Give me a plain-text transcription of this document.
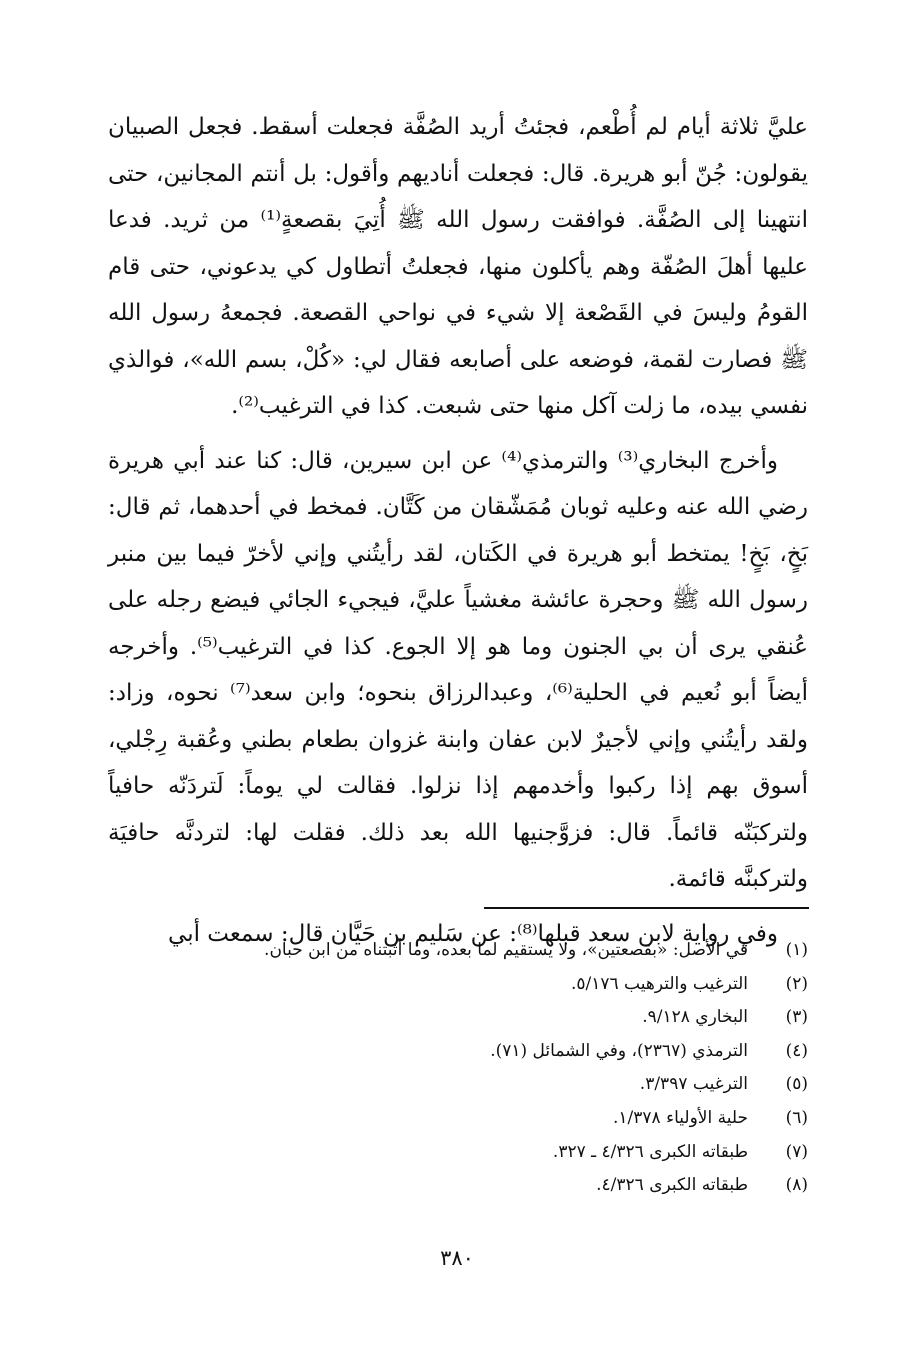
عليَّ ثلاثة أيام لم أُطْعم، فجئتُ أريد الصُفَّة فجعلت أسقط. فجعل الصبيان يقولون: جُنّ أبو هريرة. قال: فجعلت أناديهم وأقول: بل أنتم المجانين، حتى انتهينا إلى الصُفَّة. فوافقت رسول الله ﷺ أُتِيَ بقصعةٍ⁽¹⁾ من ثريد. فدعا عليها أهلَ الصُفّة وهم يأكلون منها، فجعلتُ أتطاول كي يدعوني، حتى قام القومُ وليسَ في القَصْعة إلا شيء في نواحي القصعة. فجمعهُ رسول الله ﷺ فصارت لقمة، فوضعه على أصابعه فقال لي: «كُلْ، بسم الله»، فوالذي نفسي بيده، ما زلت آكل منها حتى شبعت. كذا في الترغيب⁽²⁾.

وأخرج البخاري⁽³⁾ والترمذي⁽⁴⁾ عن ابن سيرين، قال: كنا عند أبي هريرة رضي الله عنه وعليه ثوبان مُمَشّقان من كَتَّان. فمخط في أحدهما، ثم قال: بَخٍ، بَخٍ! يمتخط أبو هريرة في الكَتان، لقد رأيتُني وإني لأخرّ فيما بين منبر رسول الله ﷺ وحجرة عائشة مغشياً عليَّ، فيجيء الجائي فيضع رجله على عُنقي يرى أن بي الجنون وما هو إلا الجوع. كذا في الترغيب⁽⁵⁾. وأخرجه أيضاً أبو نُعيم في الحلية⁽⁶⁾، وعبدالرزاق بنحوه؛ وابن سعد⁽⁷⁾ نحوه، وزاد: ولقد رأيتُني وإني لأجيرٌ لابن عفان وابنة غزوان بطعام بطني وعُقبة رِجْلي، أسوق بهم إذا ركبوا وأخدمهم إذا نزلوا. فقالت لي يوماً: لَتردَنّه حافياً ولتركبَنّه قائماً. قال: فزوَّجنيها الله بعد ذلك. فقلت لها: لتردنَّه حافيَة ولتركبنَّه قائمة.

وفي رواية لابن سعد قبلها⁽⁸⁾: عن سَليم بن حَيَّان قال: سمعت أبي

(١)
في الأصل: «بقصعتين»، ولا يستقيم لما بعده، وما أثبتناه من ابن حبان.
(٢)
الترغيب والترهيب ٥/١٧٦.
(٣)
البخاري ٩/١٢٨.
(٤)
الترمذي (٢٣٦٧)، وفي الشمائل (٧١).
(٥)
الترغيب ٣/٣٩٧.
(٦)
حلية الأولياء ١/٣٧٨.
(٧)
طبقاته الكبرى ٤/٣٢٦ ـ ٣٢٧.
(٨)
طبقاته الكبرى ٤/٣٢٦.
٣٨٠
